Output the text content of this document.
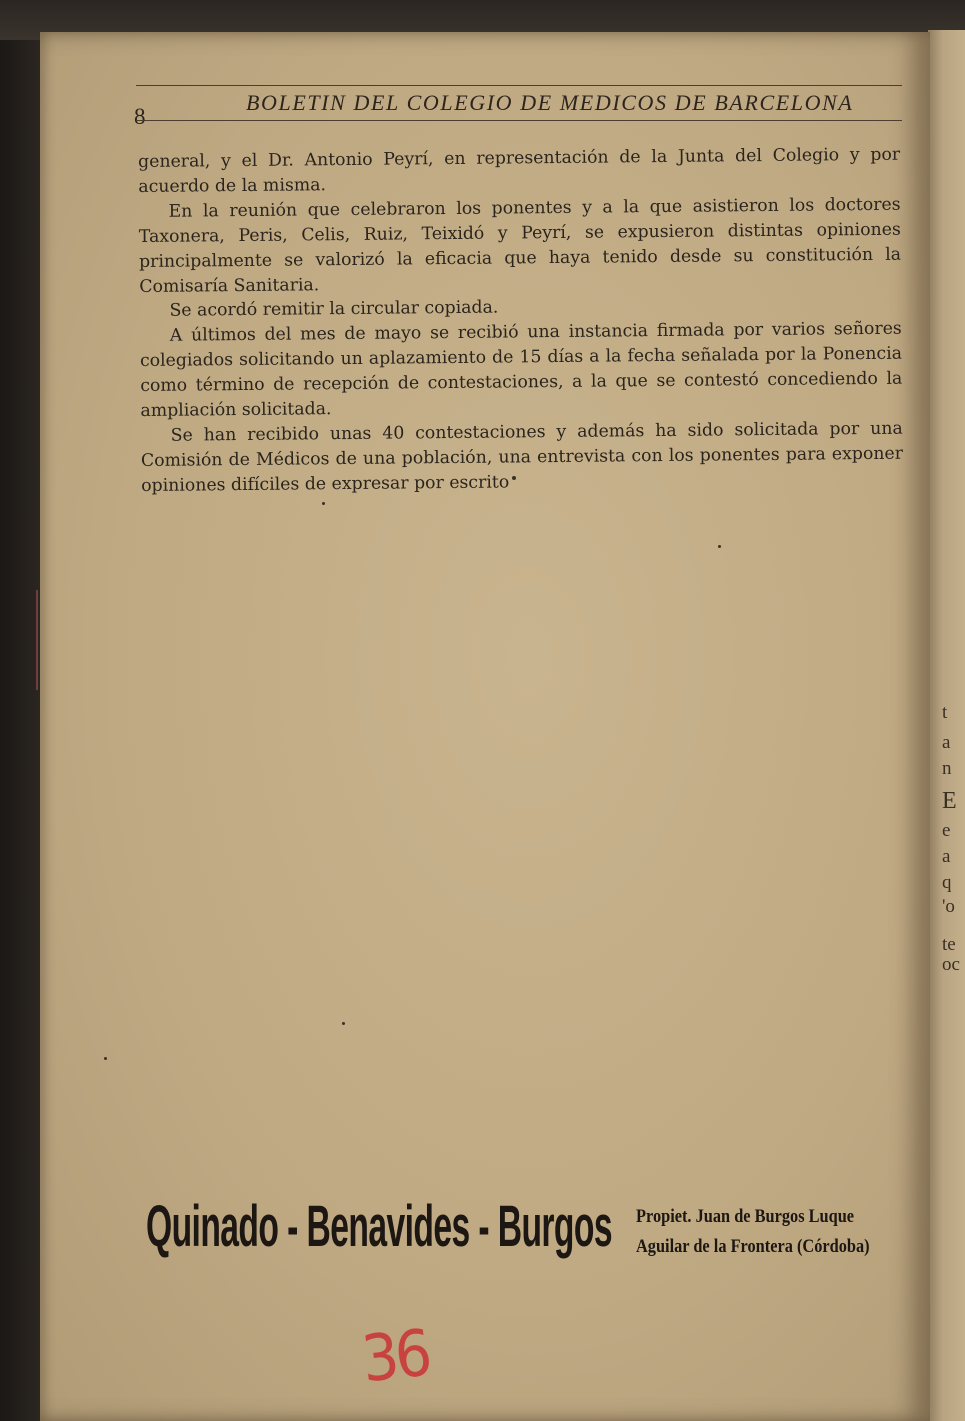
t
a
n
E
e
a
q
'o
te
oc
8
BOLETIN DEL COLEGIO DE MEDICOS DE BARCELONA

general, y el Dr. Antonio Peyrí, en representación de la Junta del Colegio y por acuerdo de la misma.

En la reunión que celebraron los ponentes y a la que asistieron los doctores Taxonera, Peris, Celis, Ruiz, Teixidó y Peyrí, se expusieron distintas opiniones principalmente se valorizó la eficacia que haya tenido desde su constitución la Comisaría Sanitaria.

Se acordó remitir la circular copiada.

A últimos del mes de mayo se recibió una instancia firmada por varios señores colegiados solicitando un aplazamiento de 15 días a la fecha señalada por la Ponencia como término de recepción de contestaciones, a la que se contestó concediendo la ampliación solicitada.

Se han recibido unas 40 contestaciones y además ha sido solicitada por una Comisión de Médicos de una población, una entrevista con los ponentes para exponer opiniones difíciles de expresar por escrito

Quinado - Benavides - Burgos Propiet. Juan de Burgos Luque
Aguilar de la Frontera (Córdoba)
36
